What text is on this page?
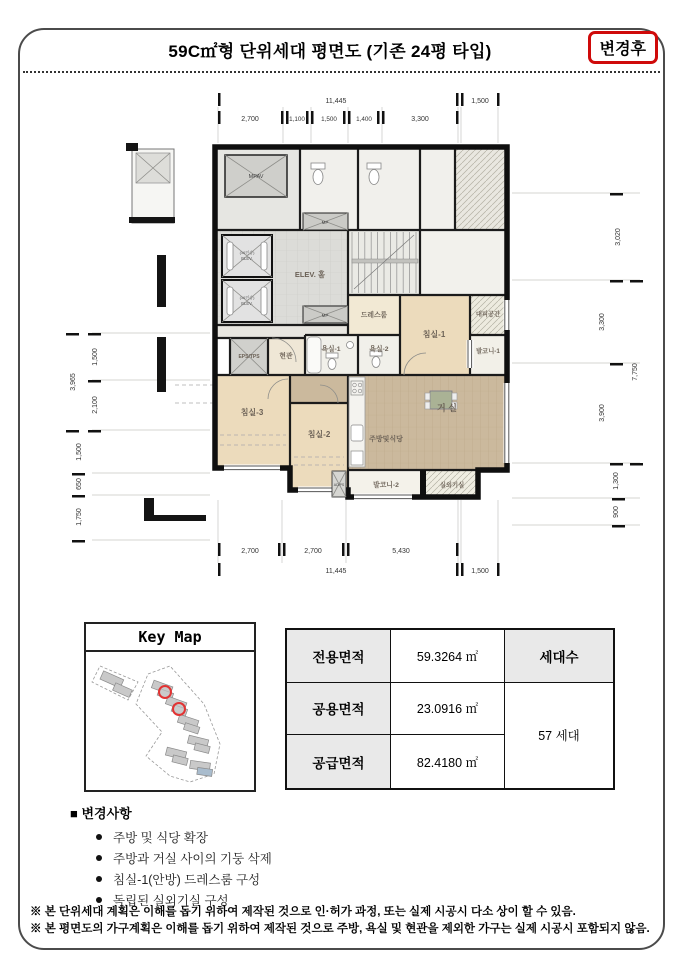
59C㎡형 단위세대 평면도 (기존 24평 타입)	변경후
(16인승)
ELEV.
(16인승)
ELEV.
MPAV
MP
MP
AD/PS
ELEV. 홀
드레스룸
침실-1
대피공간
발코니-1
욕실-1	욕실-2
현관
EPS/TPS
침실-3
침실-2
거 실
주방및식당
발코니-2	실외기실
11,445	1,500
2,700	1,100	1,500	1,400	3,300
2,700	2,700	5,430
11,445	1,500
1,500
2,100
3,965
1,500
650
1,750
3,020
3,300
7,750
3,900
1,300
900
Key Map
전용면적	59.3264 ㎡	세대수
공용면적	23.0916 ㎡
57 세대
공급면적	82.4180 ㎡
■ 변경사항
주방 및 식당 확장
주방과 거실 사이의 기둥 삭제
침실-1(안방) 드레스룸 구성
독립된 실외기실 구성
※ 본 단위세대 계획은 이해를 돕기 위하여 제작된 것으로 인·허가 과정, 또는 실제 시공시 다소 상이 할 수 있음.
※ 본 평면도의 가구계획은 이해를 돕기 위하여 제작된 것으로 주방, 욕실 및 현관을 제외한 가구는 실제 시공시 포함되지 않음.
